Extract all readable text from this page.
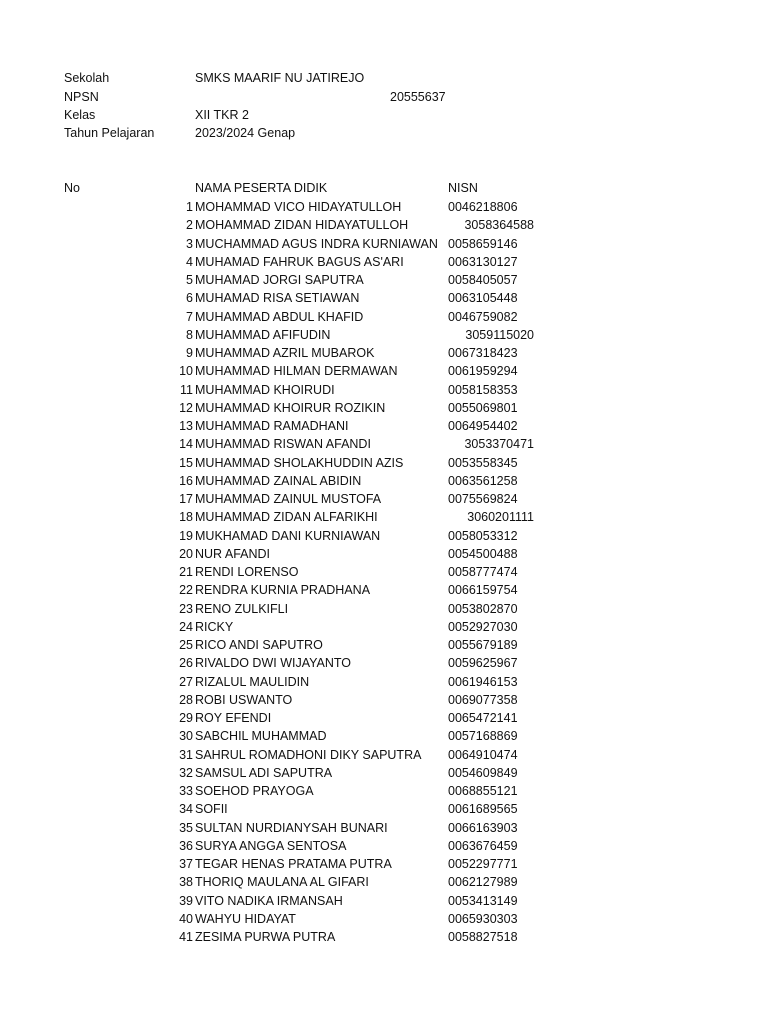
Sekolah	SMKS MAARIF NU JATIREJO
NPSN	20555637
Kelas	XII TKR 2
Tahun Pelajaran	2023/2024 Genap
No	NAMA PESERTA DIDIK	NISN
1 MOHAMMAD VICO HIDAYATULLOH	0046218806
2 MOHAMMAD ZIDAN HIDAYATULLOH	3058364588
3 MUCHAMMAD AGUS INDRA KURNIAWAN 0058659146
4 MUHAMAD FAHRUK BAGUS AS'ARI	0063130127
5 MUHAMAD JORGI SAPUTRA	0058405057
6 MUHAMAD RISA SETIAWAN	0063105448
7 MUHAMMAD ABDUL KHAFID	0046759082
8 MUHAMMAD AFIFUDIN	3059115020
9 MUHAMMAD AZRIL MUBAROK	0067318423
10 MUHAMMAD HILMAN DERMAWAN	0061959294
11 MUHAMMAD KHOIRUDI	0058158353
12 MUHAMMAD KHOIRUR ROZIKIN	0055069801
13 MUHAMMAD RAMADHANI	0064954402
14 MUHAMMAD RISWAN AFANDI	3053370471
15 MUHAMMAD SHOLAKHUDDIN AZIS	0053558345
16 MUHAMMAD ZAINAL ABIDIN	0063561258
17 MUHAMMAD ZAINUL MUSTOFA	0075569824
18 MUHAMMAD ZIDAN ALFARIKHI	3060201111
19 MUKHAMAD DANI KURNIAWAN	0058053312
20 NUR AFANDI	0054500488
21 RENDI LORENSO	0058777474
22 RENDRA KURNIA PRADHANA	0066159754
23 RENO ZULKIFLI	0053802870
24 RICKY	0052927030
25 RICO ANDI SAPUTRO	0055679189
26 RIVALDO DWI WIJAYANTO	0059625967
27 RIZALUL MAULIDIN	0061946153
28 ROBI USWANTO	0069077358
29 ROY EFENDI	0065472141
30 SABCHIL MUHAMMAD	0057168869
31 SAHRUL ROMADHONI DIKY SAPUTRA 0064910474
32 SAMSUL ADI SAPUTRA	0054609849
33 SOEHOD PRAYOGA	0068855121
34 SOFII	0061689565
35 SULTAN NURDIANYSAH BUNARI	0066163903
36 SURYA ANGGA SENTOSA	0063676459
37 TEGAR HENAS PRATAMA PUTRA	0052297771
38 THORIQ MAULANA AL GIFARI	0062127989
39 VITO NADIKA IRMANSAH	0053413149
40 WAHYU HIDAYAT	0065930303
41 ZESIMA PURWA PUTRA	0058827518
